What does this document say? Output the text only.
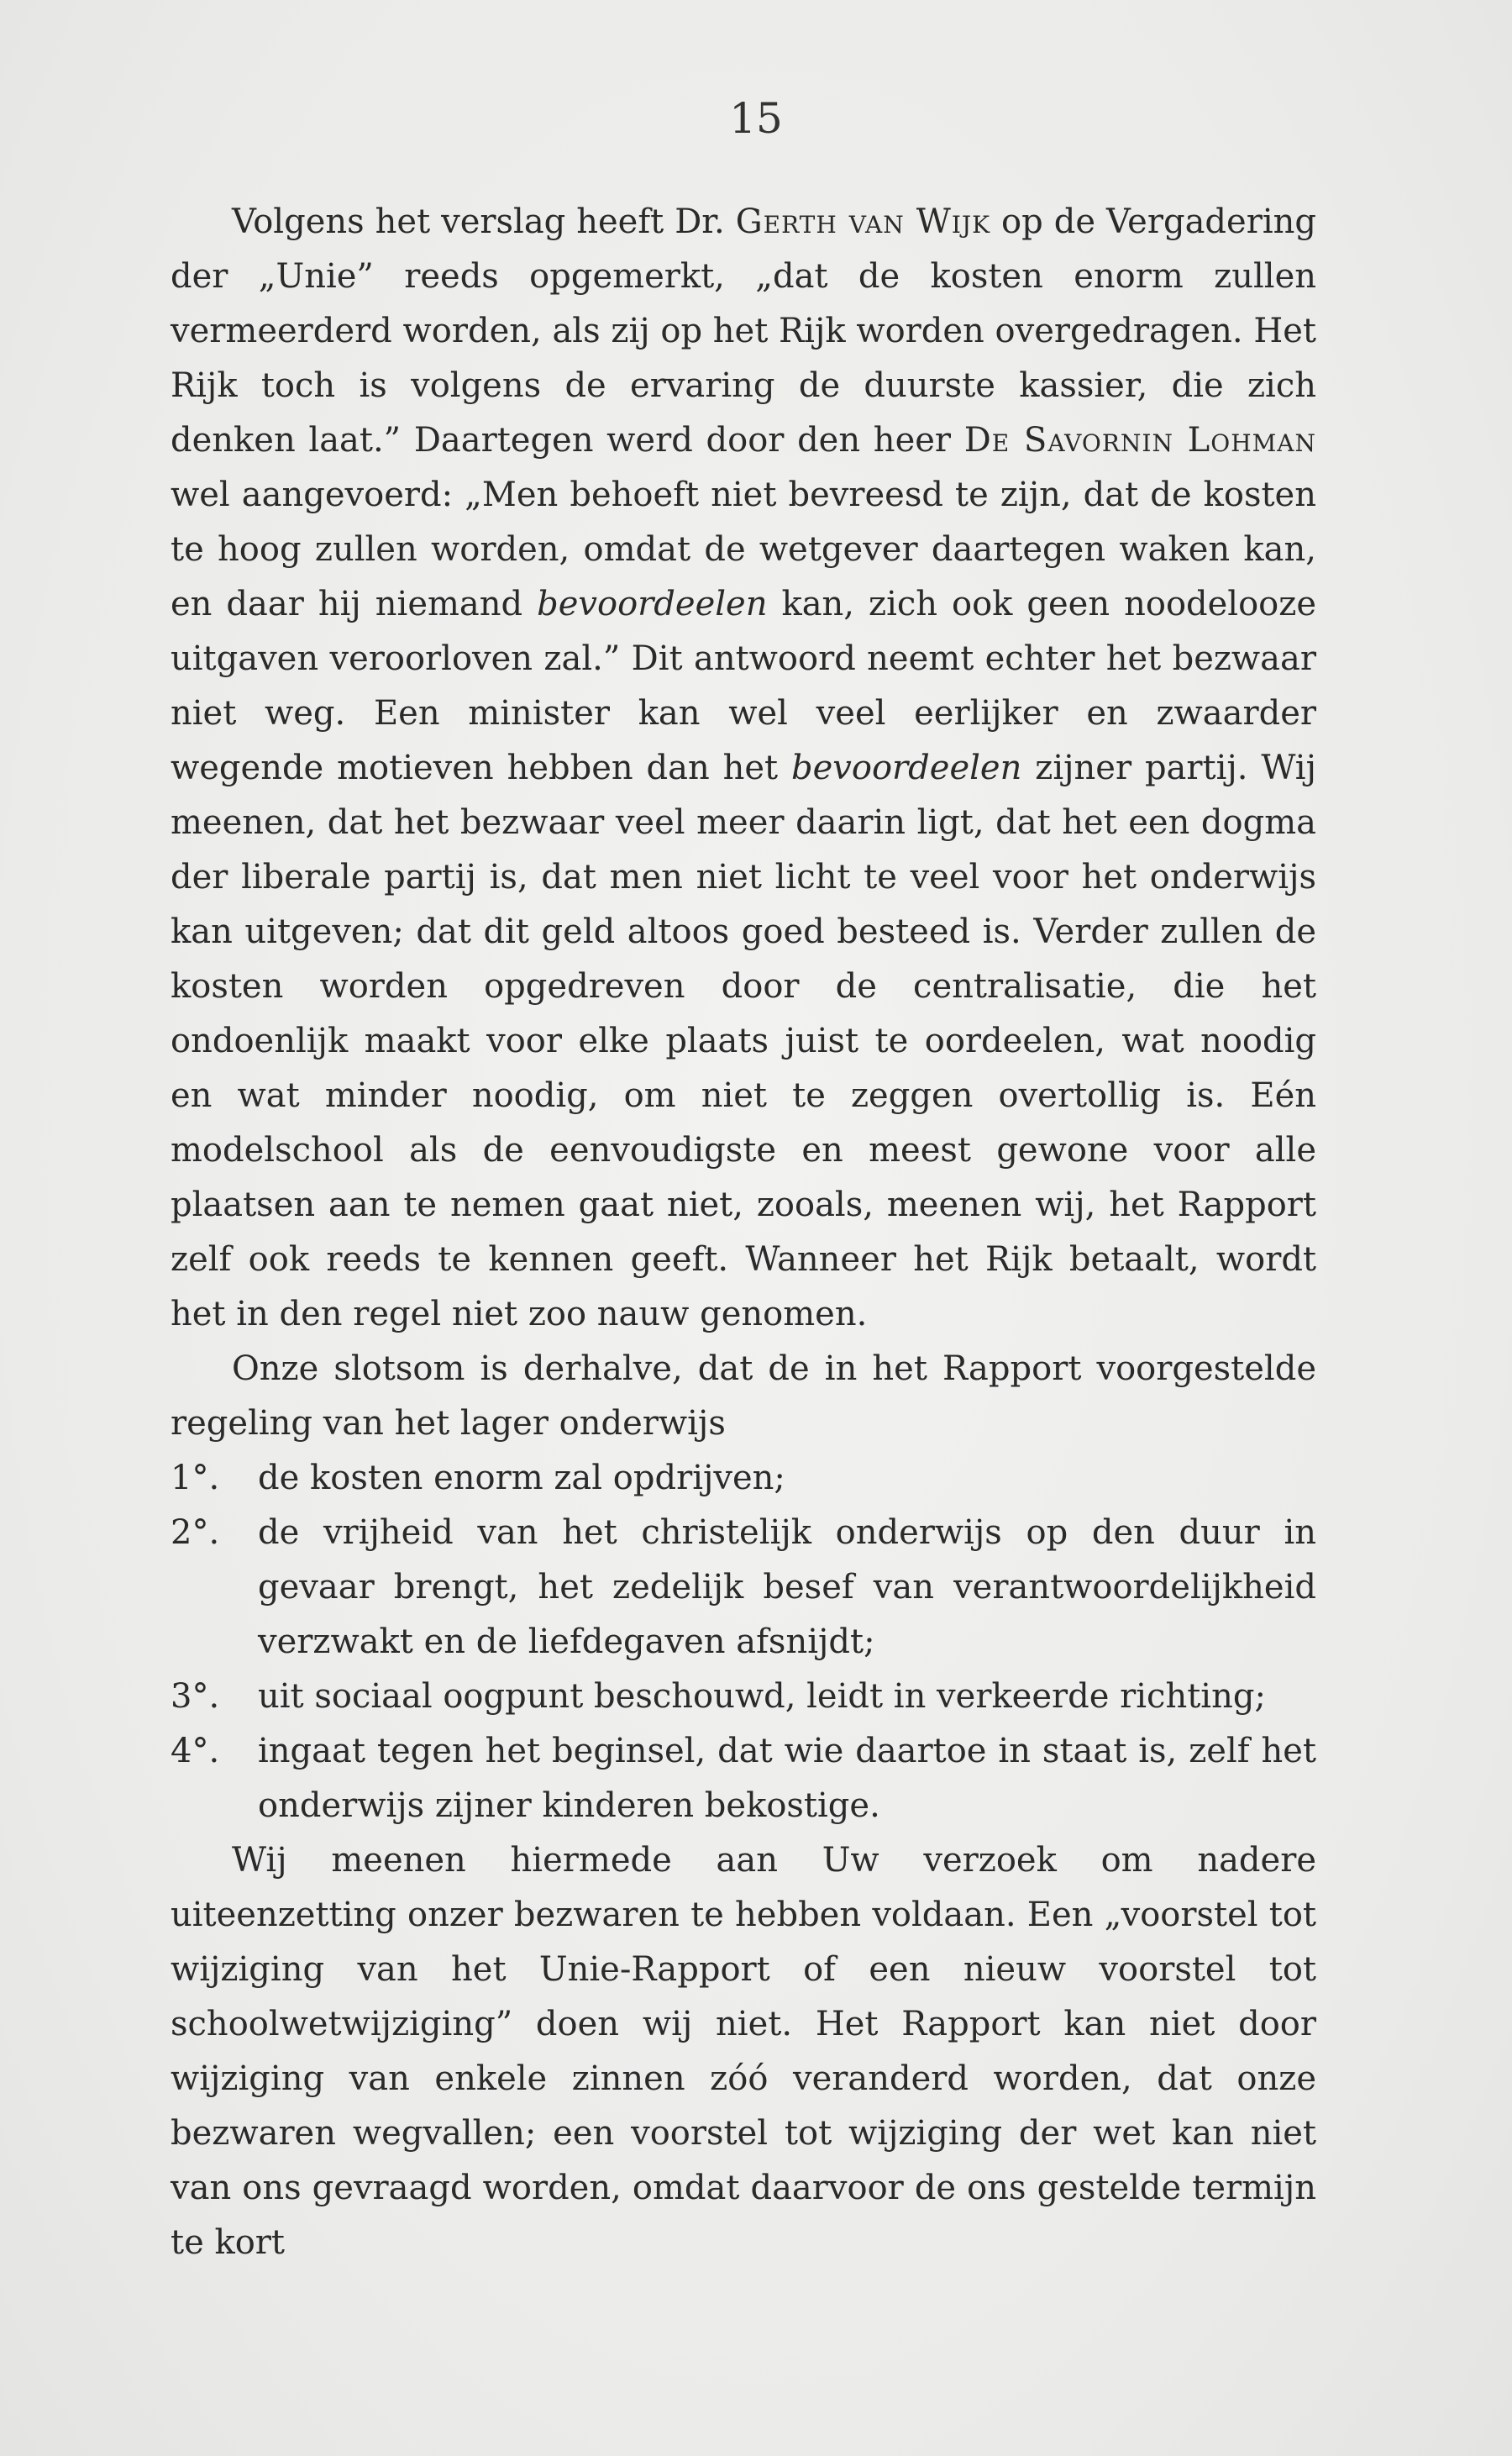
15

Volgens het verslag heeft Dr. Gerth van Wijk op de Vergadering der „Unie” reeds opgemerkt, „dat de kosten enorm zullen vermeerderd worden, als zij op het Rijk worden overgedragen. Het Rijk toch is volgens de ervaring de duurste kassier, die zich denken laat.” Daartegen werd door den heer De Savornin Lohman wel aangevoerd: „Men behoeft niet bevreesd te zijn, dat de kosten te hoog zullen worden, omdat de wetgever daartegen waken kan, en daar hij niemand bevoordeelen kan, zich ook geen noodelooze uitgaven veroorloven zal.” Dit antwoord neemt echter het bezwaar niet weg. Een minister kan wel veel eerlijker en zwaarder wegende motieven hebben dan het bevoordeelen zijner partij. Wij meenen, dat het bezwaar veel meer daarin ligt, dat het een dogma der liberale partij is, dat men niet licht te veel voor het onderwijs kan uitgeven; dat dit geld altoos goed besteed is. Verder zullen de kosten worden opgedreven door de centralisatie, die het ondoenlijk maakt voor elke plaats juist te oordeelen, wat noodig en wat minder noodig, om niet te zeggen overtollig is. Eén modelschool als de eenvoudigste en meest gewone voor alle plaatsen aan te nemen gaat niet, zooals, meenen wij, het Rapport zelf ook reeds te kennen geeft. Wanneer het Rijk betaalt, wordt het in den regel niet zoo nauw genomen.

Onze slotsom is derhalve, dat de in het Rapport voorgestelde regeling van het lager onderwijs

1°.	de kosten enorm zal opdrijven;
2°.	de vrijheid van het christelijk onderwijs op den duur in gevaar brengt, het zedelijk besef van verantwoordelijkheid verzwakt en de liefdegaven afsnijdt;
3°.	uit sociaal oogpunt beschouwd, leidt in verkeerde richting;
4°.	ingaat tegen het beginsel, dat wie daartoe in staat is, zelf het onderwijs zijner kinderen bekostige.

Wij meenen hiermede aan Uw verzoek om nadere uiteenzetting onzer bezwaren te hebben voldaan. Een „voorstel tot wijziging van het Unie-Rapport of een nieuw voorstel tot schoolwetwijziging” doen wij niet. Het Rapport kan niet door wijziging van enkele zinnen zóó veranderd worden, dat onze bezwaren wegvallen; een voorstel tot wijziging der wet kan niet van ons gevraagd worden, omdat daarvoor de ons gestelde termijn te kort
